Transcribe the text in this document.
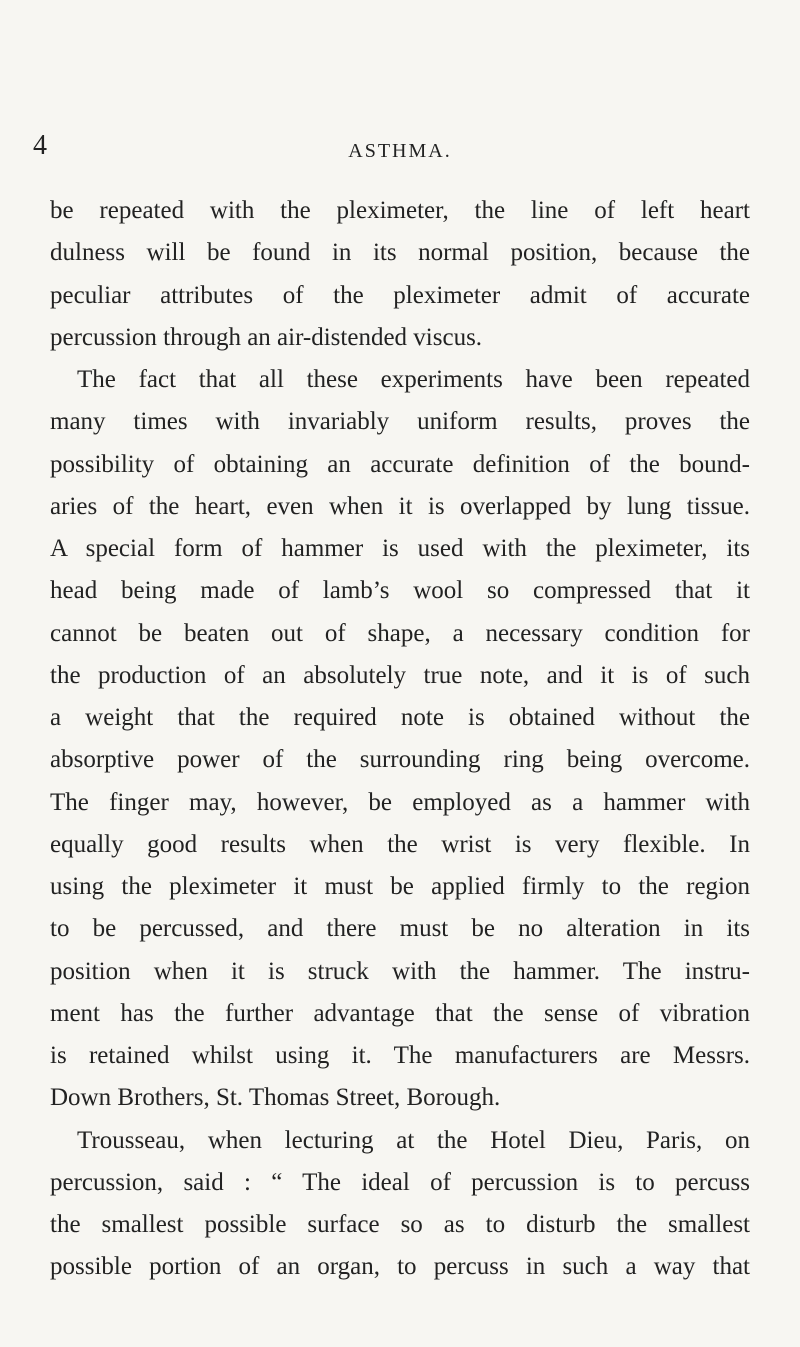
4	ASTHMA.
be repeated with the pleximeter, the line of left heart
dulness will be found in its normal position, because the
peculiar attributes of the pleximeter admit of accurate
percussion through an air-distended viscus.
The fact that all these experiments have been repeated
many times with invariably uniform results, proves the
possibility of obtaining an accurate definition of the bound-
aries of the heart, even when it is overlapped by lung tissue.
A special form of hammer is used with the pleximeter, its
head being made of lamb’s wool so compressed that it
cannot be beaten out of shape, a necessary condition for
the production of an absolutely true note, and it is of such
a weight that the required note is obtained without the
absorptive power of the surrounding ring being overcome.
The finger may, however, be employed as a hammer with
equally good results when the wrist is very flexible. In
using the pleximeter it must be applied firmly to the region
to be percussed, and there must be no alteration in its
position when it is struck with the hammer. The instru-
ment has the further advantage that the sense of vibration
is retained whilst using it. The manufacturers are Messrs.
Down Brothers, St. Thomas Street, Borough.
Trousseau, when lecturing at the Hotel Dieu, Paris, on
percussion, said : “ The ideal of percussion is to percuss
the smallest possible surface so as to disturb the smallest
possible portion of an organ, to percuss in such a way that
